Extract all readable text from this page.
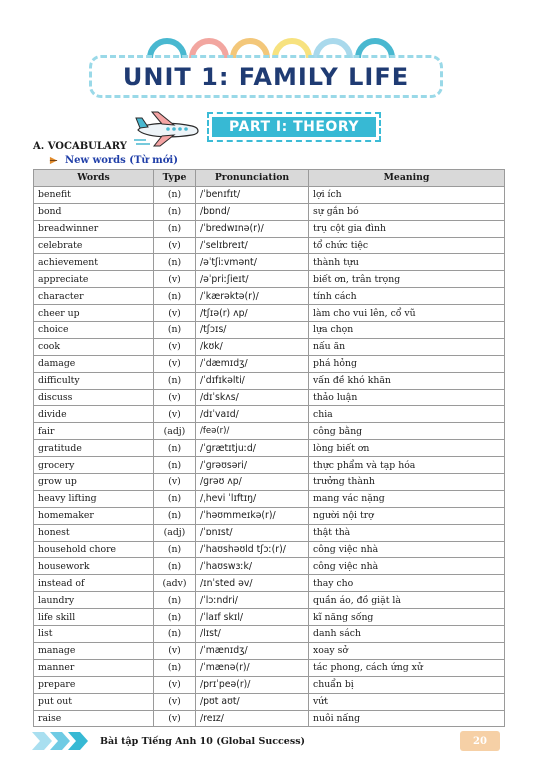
UNIT 1: FAMILY LIFE
PART I: THEORY
A. VOCABULARY
New words (Từ mới)
Words	Type	Pronunciation	Meaning
benefit	(n)	/ˈbenɪfɪt/	lợi ích
bond	(n)	/bɒnd/	sự gắn bó
breadwinner	(n)	/ˈbredwɪnə(r)/	trụ cột gia đình
celebrate	(v)	/ˈselɪbreɪt/	tổ chức tiệc
achievement	(n)	/əˈtʃiːvmənt/	thành tựu
appreciate	(v)	/əˈpriːʃieɪt/	biết ơn, trân trọng
character	(n)	/ˈkærəktə(r)/	tính cách
cheer up	(v)	/tʃɪə(r) ʌp/	làm cho vui lên, cổ vũ
choice	(n)	/tʃɔɪs/	lựa chọn
cook	(v)	/kʊk/	nấu ăn
damage	(v)	/ˈdæmɪdʒ/	phá hỏng
difficulty	(n)	/ˈdɪfɪkəlti/	vấn đề khó khăn
discuss	(v)	/dɪˈskʌs/	thảo luận
divide	(v)	/dɪˈvaɪd/	chia
fair	(adj)	/feə(r)/	công bằng
gratitude	(n)	/ˈɡrætɪtjuːd/	lòng biết ơn
grocery	(n)	/ˈɡrəʊsəri/	thực phẩm và tạp hóa
grow up	(v)	/ɡrəʊ ʌp/	trưởng thành
heavy lifting	(n)	/ˌhevi ˈlɪftɪŋ/	mang vác nặng
homemaker	(n)	/ˈhəʊmmeɪkə(r)/	người nội trợ
honest	(adj)	/ˈɒnɪst/	thật thà
household chore	(n)	/ˈhaʊshəʊld tʃɔː(r)/	công việc nhà
housework	(n)	/ˈhaʊswɜːk/	công việc nhà
instead of	(adv)	/ɪnˈsted əv/	thay cho
laundry	(n)	/ˈlɔːndri/	quần áo, đồ giặt là
life skill	(n)	/ˈlaɪf skɪl/	kĩ năng sống
list	(n)	/lɪst/	danh sách
manage	(v)	/ˈmænɪdʒ/	xoay sở
manner	(n)	/ˈmænə(r)/	tác phong, cách ứng xử
prepare	(v)	/prɪˈpeə(r)/	chuẩn bị
put out	(v)	/pʊt aʊt/	vứt
raise	(v)	/reɪz/	nuôi nấng
Bài tập Tiếng Anh 10 (Global Success)	20
